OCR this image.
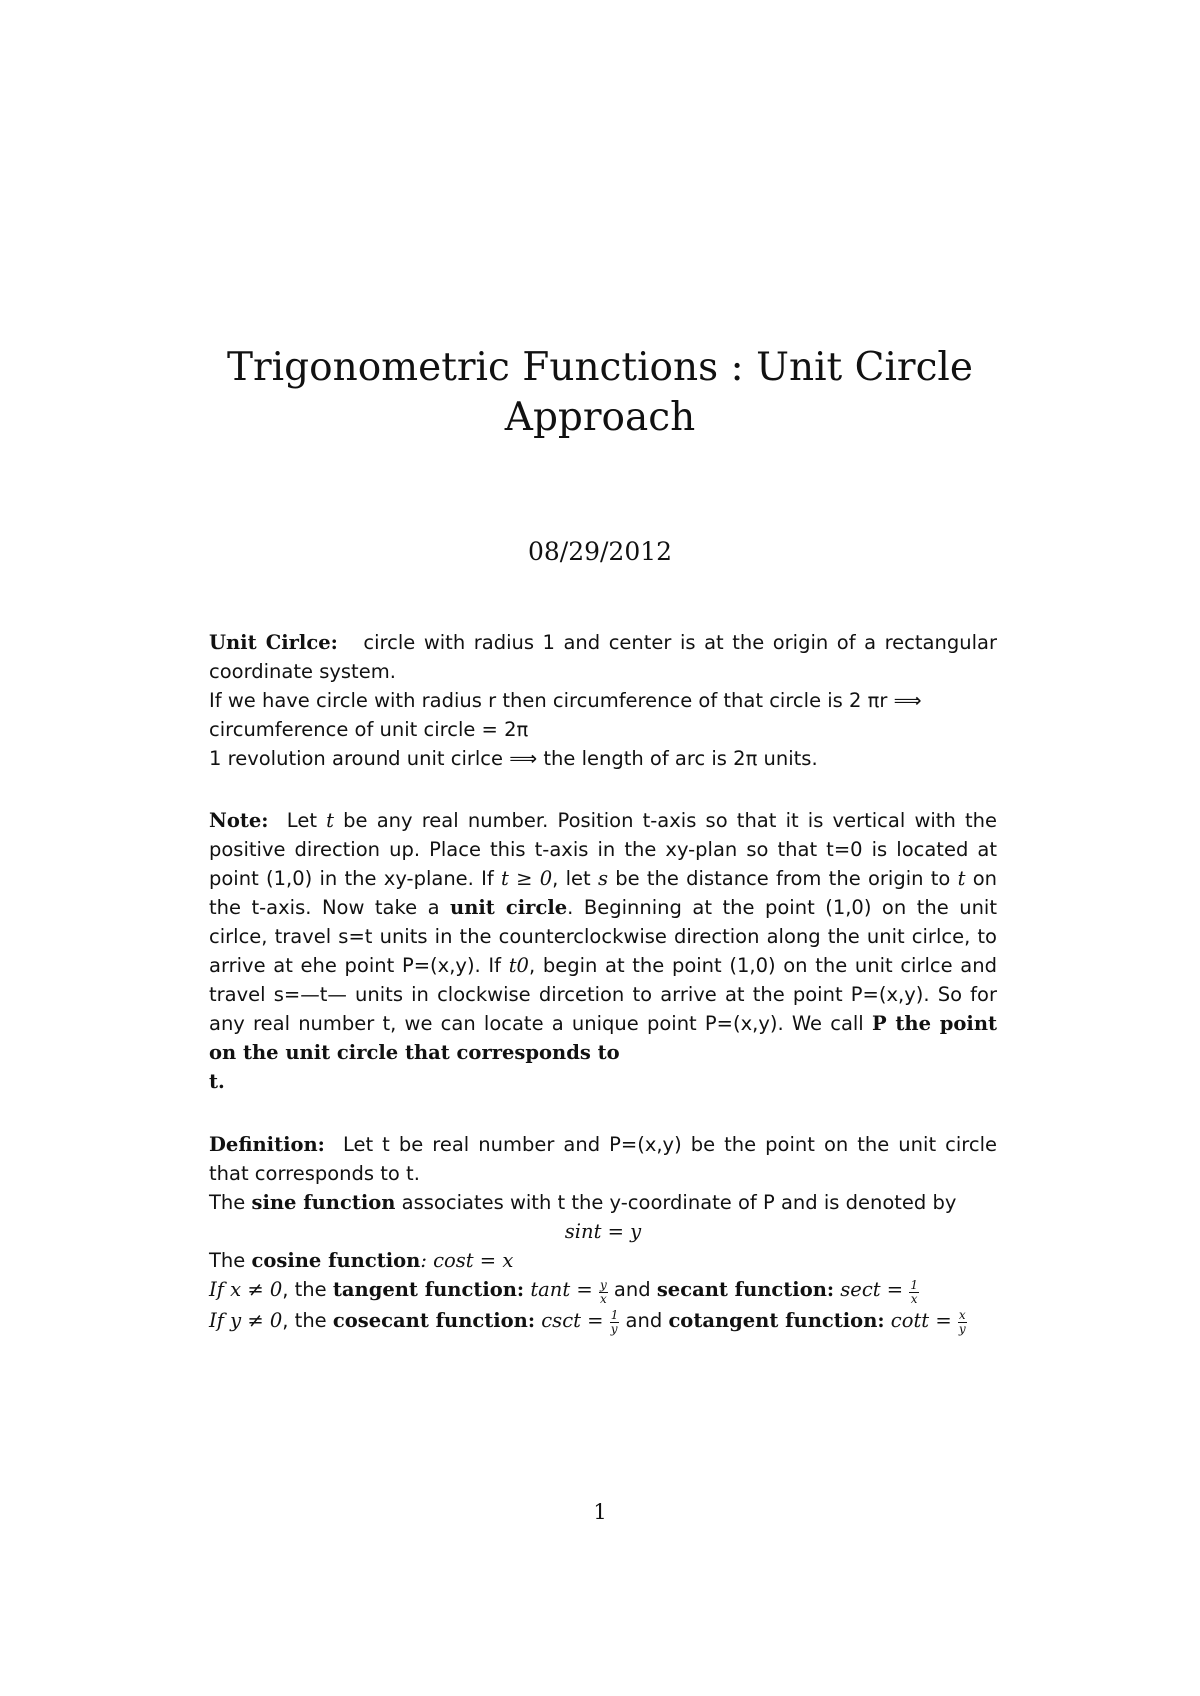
Trigonometric Functions : Unit Circle
Approach
08/29/2012

Unit Cirlce: circle with radius 1 and center is at the origin of a rectangular coordinate system.

If we have circle with radius r then circumference of that circle is 2 πr ⟹

circumference of unit circle = 2π

1 revolution around unit cirlce ⟹ the length of arc is 2π units.

Note: Let t be any real number. Position t-axis so that it is vertical with the positive direction up. Place this t-axis in the xy-plan so that t=0 is located at point (1,0) in the xy-plane. If t ≥ 0, let s be the distance from the origin to t on the t-axis. Now take a unit circle. Beginning at the point (1,0) on the unit cirlce, travel s=t units in the counterclockwise direction along the unit cirlce, to arrive at ehe point P=(x,y). If t0, begin at the point (1,0) on the unit cirlce and travel s=—t— units in clockwise dircetion to arrive at the point P=(x,y). So for any real number t, we can locate a unique point P=(x,y). We call P the point on the unit circle that corresponds to

t.

Definition: Let t be real number and P=(x,y) be the point on the unit circle that corresponds to t.

The sine function associates with t the y-coordinate of P and is denoted by

sint = y

The cosine function: cost = x

If x ≠ 0, the tangent function: $\tan t = \frac{y}{x}$ and secant function: $\sec t = \frac{1}{x}$

If y ≠ 0, the cosecant function: $\csc t = \frac{1}{y}$ and cotangent function: $\cot t = \frac{x}{y}$

1
